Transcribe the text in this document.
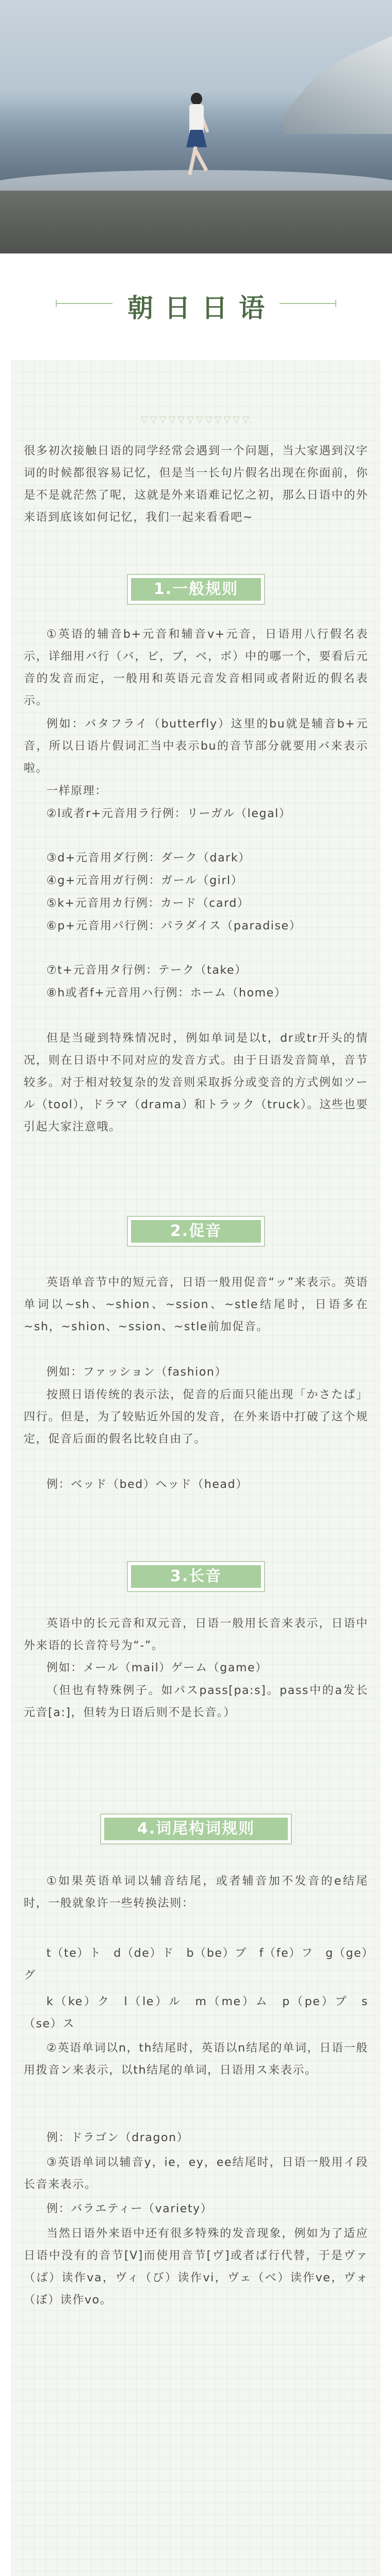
朝日日语
▽▽▽▽▽▽▽▽▽▽▽▽

很多初次接触日语的同学经常会遇到一个问题，当大家遇到汉字词的时候都很容易记忆，但是当一长句片假名出现在你面前，你是不是就茫然了呢，这就是外来语难记忆之初，那么日语中的外来语到底该如何记忆，我们一起来看看吧~

1.一般规则

①英语的辅音b+元音和辅音v+元音，日语用八行假名表示，详细用バ行（バ，ビ，ブ，ベ，ボ）中的哪一个，要看后元音的发音而定，一般用和英语元音发音相同或者附近的假名表示。

例如：バタフライ（butterfly）这里的bu就是辅音b+元音，所以日语片假词汇当中表示bu的音节部分就要用バ来表示啦。

一样原理：

②l或者r+元音用ラ行例：リーガル（legal）

③d+元音用ダ行例：ダーク（dark）

④g+元音用ガ行例：ガール（girl）

⑤k+元音用カ行例：カード（card）

⑥p+元音用パ行例：パラダイス（paradise）

⑦t+元音用タ行例：テーク（take）

⑧h或者f+元音用ハ行例：ホーム（home）

但是当碰到特殊情况时，例如单词是以t，dr或tr开头的情况，则在日语中不同对应的发音方式。由于日语发音简单，音节较多。对于相对较复杂的发音则采取拆分或变音的方式例如ツール（tool），ドラマ（drama）和トラック（truck）。这些也要引起大家注意哦。

2.促音

英语单音节中的短元音，日语一般用促音“ッ”来表示。英语单词以~sh、~shion、~ssion、~stle结尾时，日语多在~sh，~shion、~ssion、~stle前加促音。

例如：ファッション（fashion）

按照日语传统的表示法，促音的后面只能出现「かさたぱ」四行。但是，为了较贴近外国的发音，在外来语中打破了这个规定，促音后面的假名比较自由了。

例：ベッド（bed）ヘッド（head）

3.长音

英语中的长元音和双元音，日语一般用长音来表示，日语中外来语的长音符号为“-”。

例如：メール（mail）ゲーム（game）

（但也有特殊例子。如パスpass[pa:s]。pass中的a发长元音[a:]，但转为日语后则不是长音。）

4.词尾构词规则

①如果英语单词以辅音结尾，或者辅音加不发音的e结尾时，一般就象许一些转换法则：

t（te）ト　d（de）ド　b（be）ブ　f（fe）フ　g（ge）グ

k（ke）ク　l（le）ル　m（me）ム　p（pe）プ　s（se）ス

②英语单词以n，th结尾时，英语以n结尾的单词，日语一般用拨音ン来表示，以th结尾的单词，日语用ス来表示。

例：ドラゴン（dragon）

③英语单词以辅音y，ie，ey，ee结尾时，日语一般用イ段长音来表示。

例：バラエティー（variety）

当然日语外来语中还有很多特殊的发音现象，例如为了适应日语中没有的音节[V]而使用音节[ヴ]或者ば行代替，于是ヴァ（ば）读作va，ヴィ（び）读作vi，ヴェ（べ）读作ve，ヴォ（ぼ）读作vo。
